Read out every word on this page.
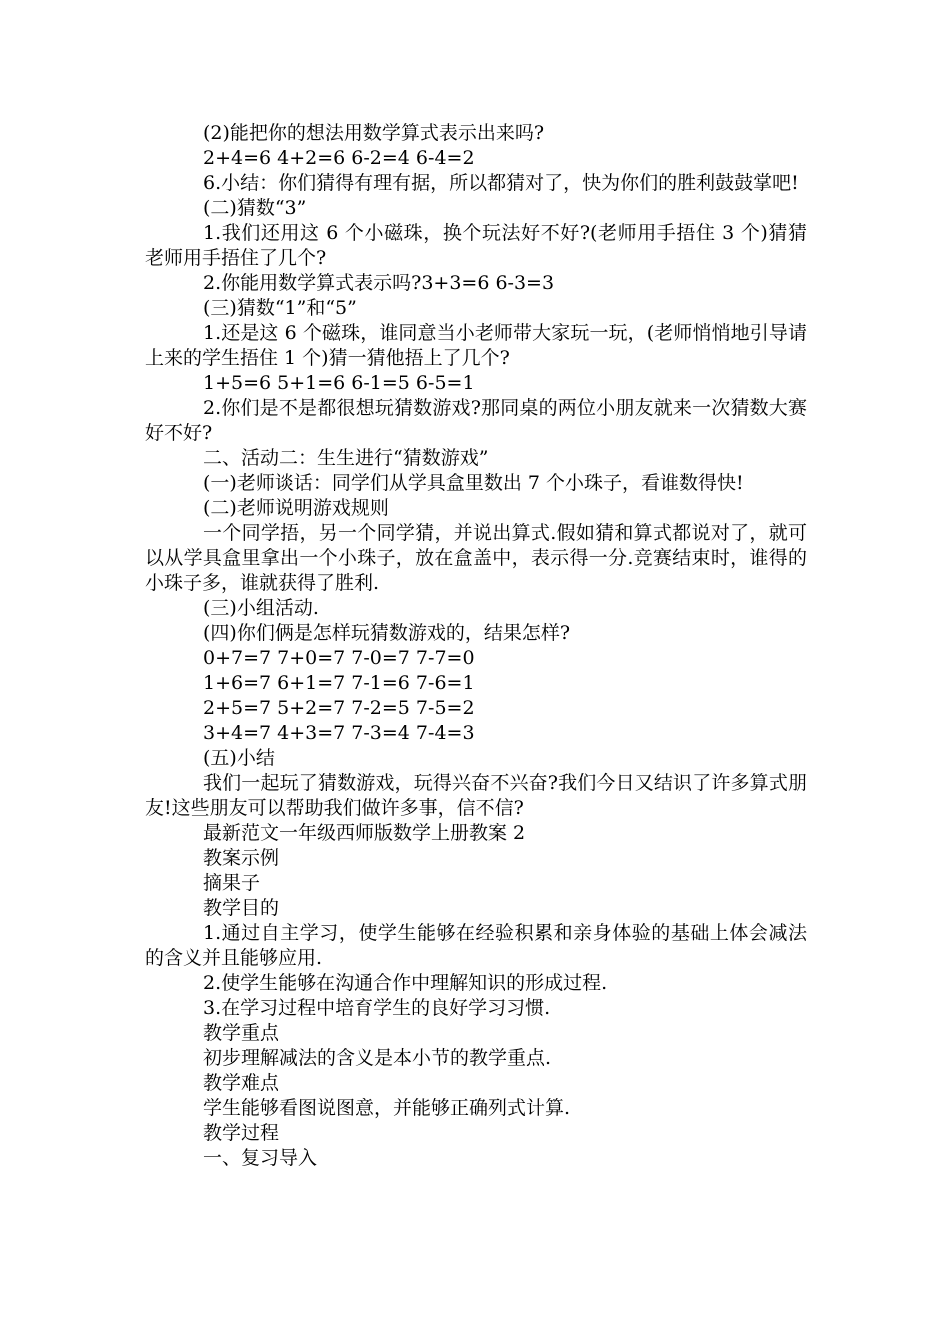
(2)能把你的想法用数学算式表示出来吗?

2+4=6 4+2=6 6-2=4 6-4=2

6.小结：你们猜得有理有据，所以都猜对了，快为你们的胜利鼓鼓掌吧!

(二)猜数“3”

1.我们还用这 6 个小磁珠，换个玩法好不好?(老师用手捂住 3 个)猜猜老师用手捂住了几个?

2.你能用数学算式表示吗?3+3=6 6-3=3

(三)猜数“1”和“5”

1.还是这 6 个磁珠，谁同意当小老师带大家玩一玩，(老师悄悄地引导请上来的学生捂住 1 个)猜一猜他捂上了几个?

1+5=6 5+1=6 6-1=5 6-5=1

2.你们是不是都很想玩猜数游戏?那同桌的两位小朋友就来一次猜数大赛好不好?

二、活动二：生生进行“猜数游戏”

(一)老师谈话：同学们从学具盒里数出 7 个小珠子，看谁数得快!

(二)老师说明游戏规则

一个同学捂，另一个同学猜，并说出算式.假如猜和算式都说对了，就可以从学具盒里拿出一个小珠子，放在盒盖中，表示得一分.竞赛结束时，谁得的小珠子多，谁就获得了胜利.

(三)小组活动.

(四)你们俩是怎样玩猜数游戏的，结果怎样?

0+7=7 7+0=7 7-0=7 7-7=0

1+6=7 6+1=7 7-1=6 7-6=1

2+5=7 5+2=7 7-2=5 7-5=2

3+4=7 4+3=7 7-3=4 7-4=3

(五)小结

我们一起玩了猜数游戏，玩得兴奋不兴奋?我们今日又结识了许多算式朋友!这些朋友可以帮助我们做许多事，信不信?

最新范文一年级西师版数学上册教案 2

教案示例

摘果子

教学目的

1.通过自主学习，使学生能够在经验积累和亲身体验的基础上体会减法的含义并且能够应用.

2.使学生能够在沟通合作中理解知识的形成过程.

3.在学习过程中培育学生的良好学习习惯.

教学重点

初步理解减法的含义是本小节的教学重点.

教学难点

学生能够看图说图意，并能够正确列式计算.

教学过程

一、复习导入
